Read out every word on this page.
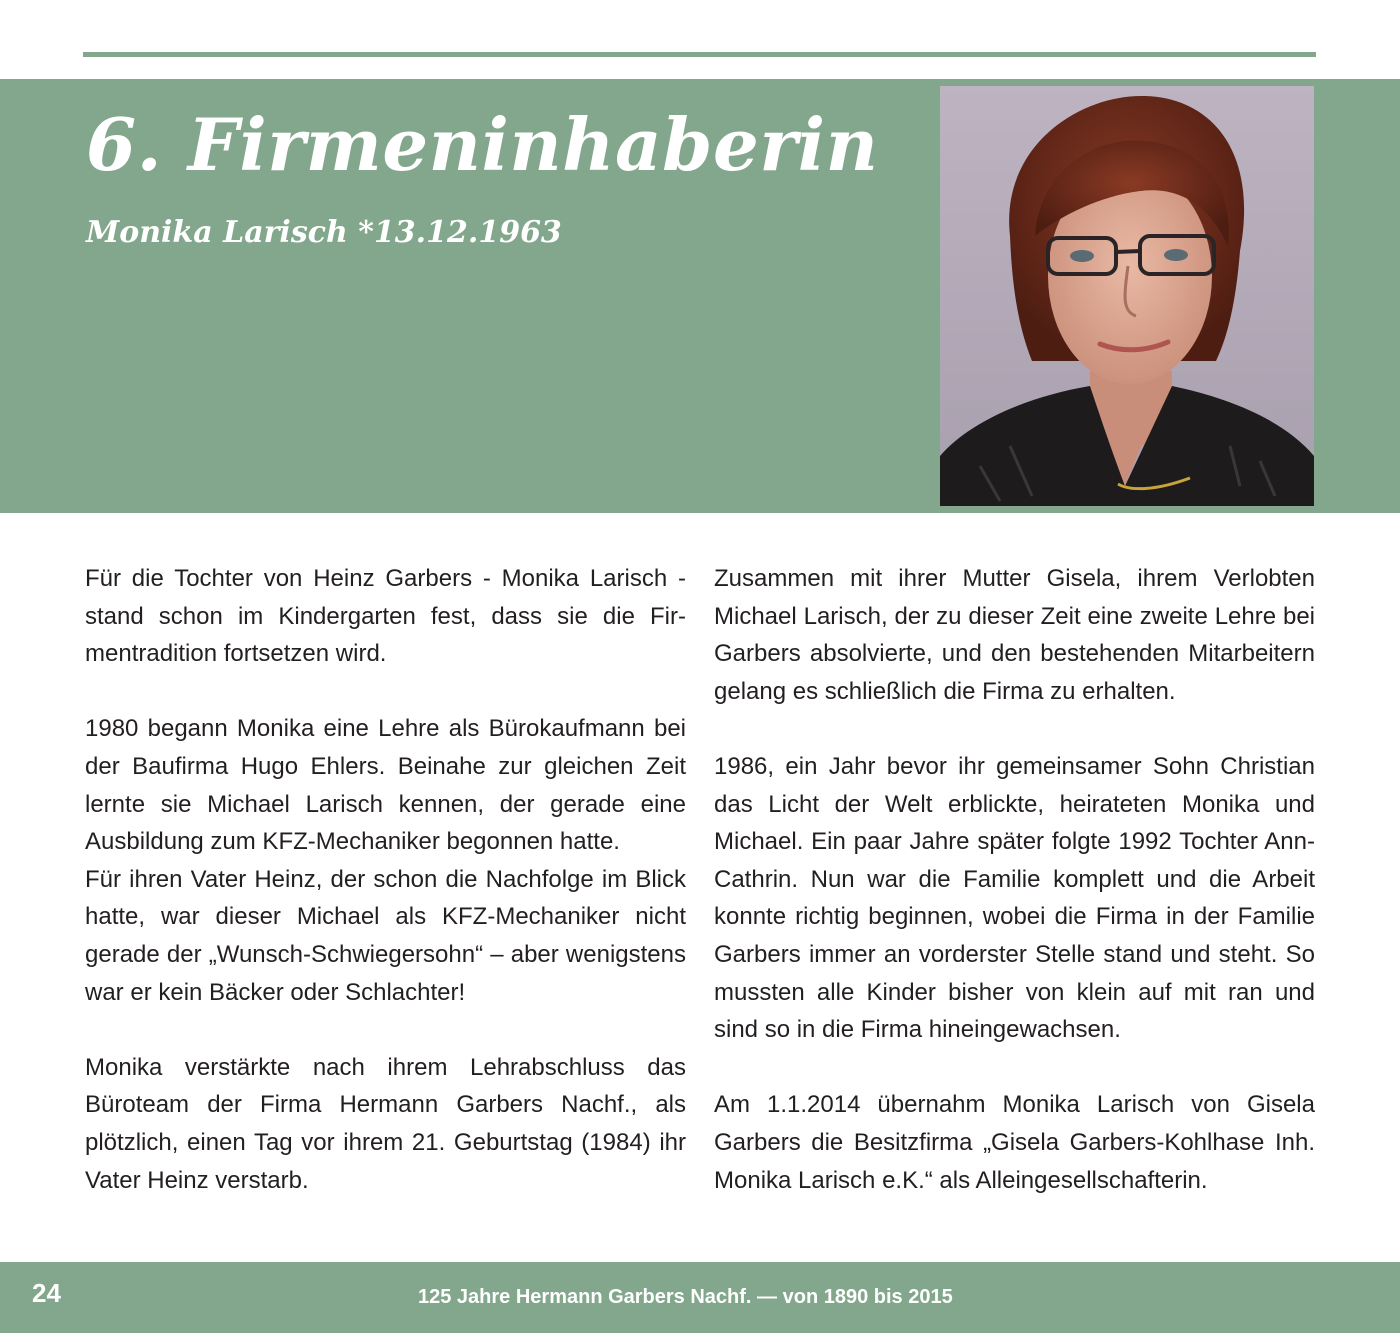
6. Firmeninhaberin
Monika Larisch *13.12.1963

Für die Tochter von Heinz Garbers - Monika Larisch - stand schon im Kindergarten fest, dass sie die Firmentradition fortsetzen wird.

1980 begann Monika eine Lehre als Bürokaufmann bei der Baufirma Hugo Ehlers. Beinahe zur gleichen Zeit lernte sie Michael Larisch kennen, der gerade eine Ausbildung zum KFZ-Mechaniker begonnen hatte.

Für ihren Vater Heinz, der schon die Nachfolge im Blick hatte, war dieser Michael als KFZ-Mechaniker nicht gerade der „Wunsch-Schwiegersohn“ – aber wenigstens war er kein Bäcker oder Schlachter!

Monika verstärkte nach ihrem Lehrabschluss das Büroteam der Firma Hermann Garbers Nachf., als plötzlich, einen Tag vor ihrem 21. Geburtstag (1984) ihr Vater Heinz verstarb.

Zusammen mit ihrer Mutter Gisela, ihrem Verlobten Michael Larisch, der zu dieser Zeit eine zweite Lehre bei Garbers absolvierte, und den bestehenden Mitarbeitern gelang es schließlich die Firma zu erhalten.

1986, ein Jahr bevor ihr gemeinsamer Sohn Christian das Licht der Welt erblickte, heirateten Monika und Michael. Ein paar Jahre später folgte 1992 Tochter Ann-Cathrin. Nun war die Familie komplett und die Arbeit konnte richtig beginnen, wobei die Firma in der Familie Garbers immer an vorderster Stelle stand und steht. So mussten alle Kinder bisher von klein auf mit ran und sind so in die Firma hineingewachsen.

Am 1.1.2014 übernahm Monika Larisch von Gisela Garbers die Besitzfirma „Gisela Garbers-Kohlhase Inh. Monika Larisch e.K.“ als Alleingesellschafterin.

24	125 Jahre Hermann Garbers Nachf. — von 1890 bis 2015
